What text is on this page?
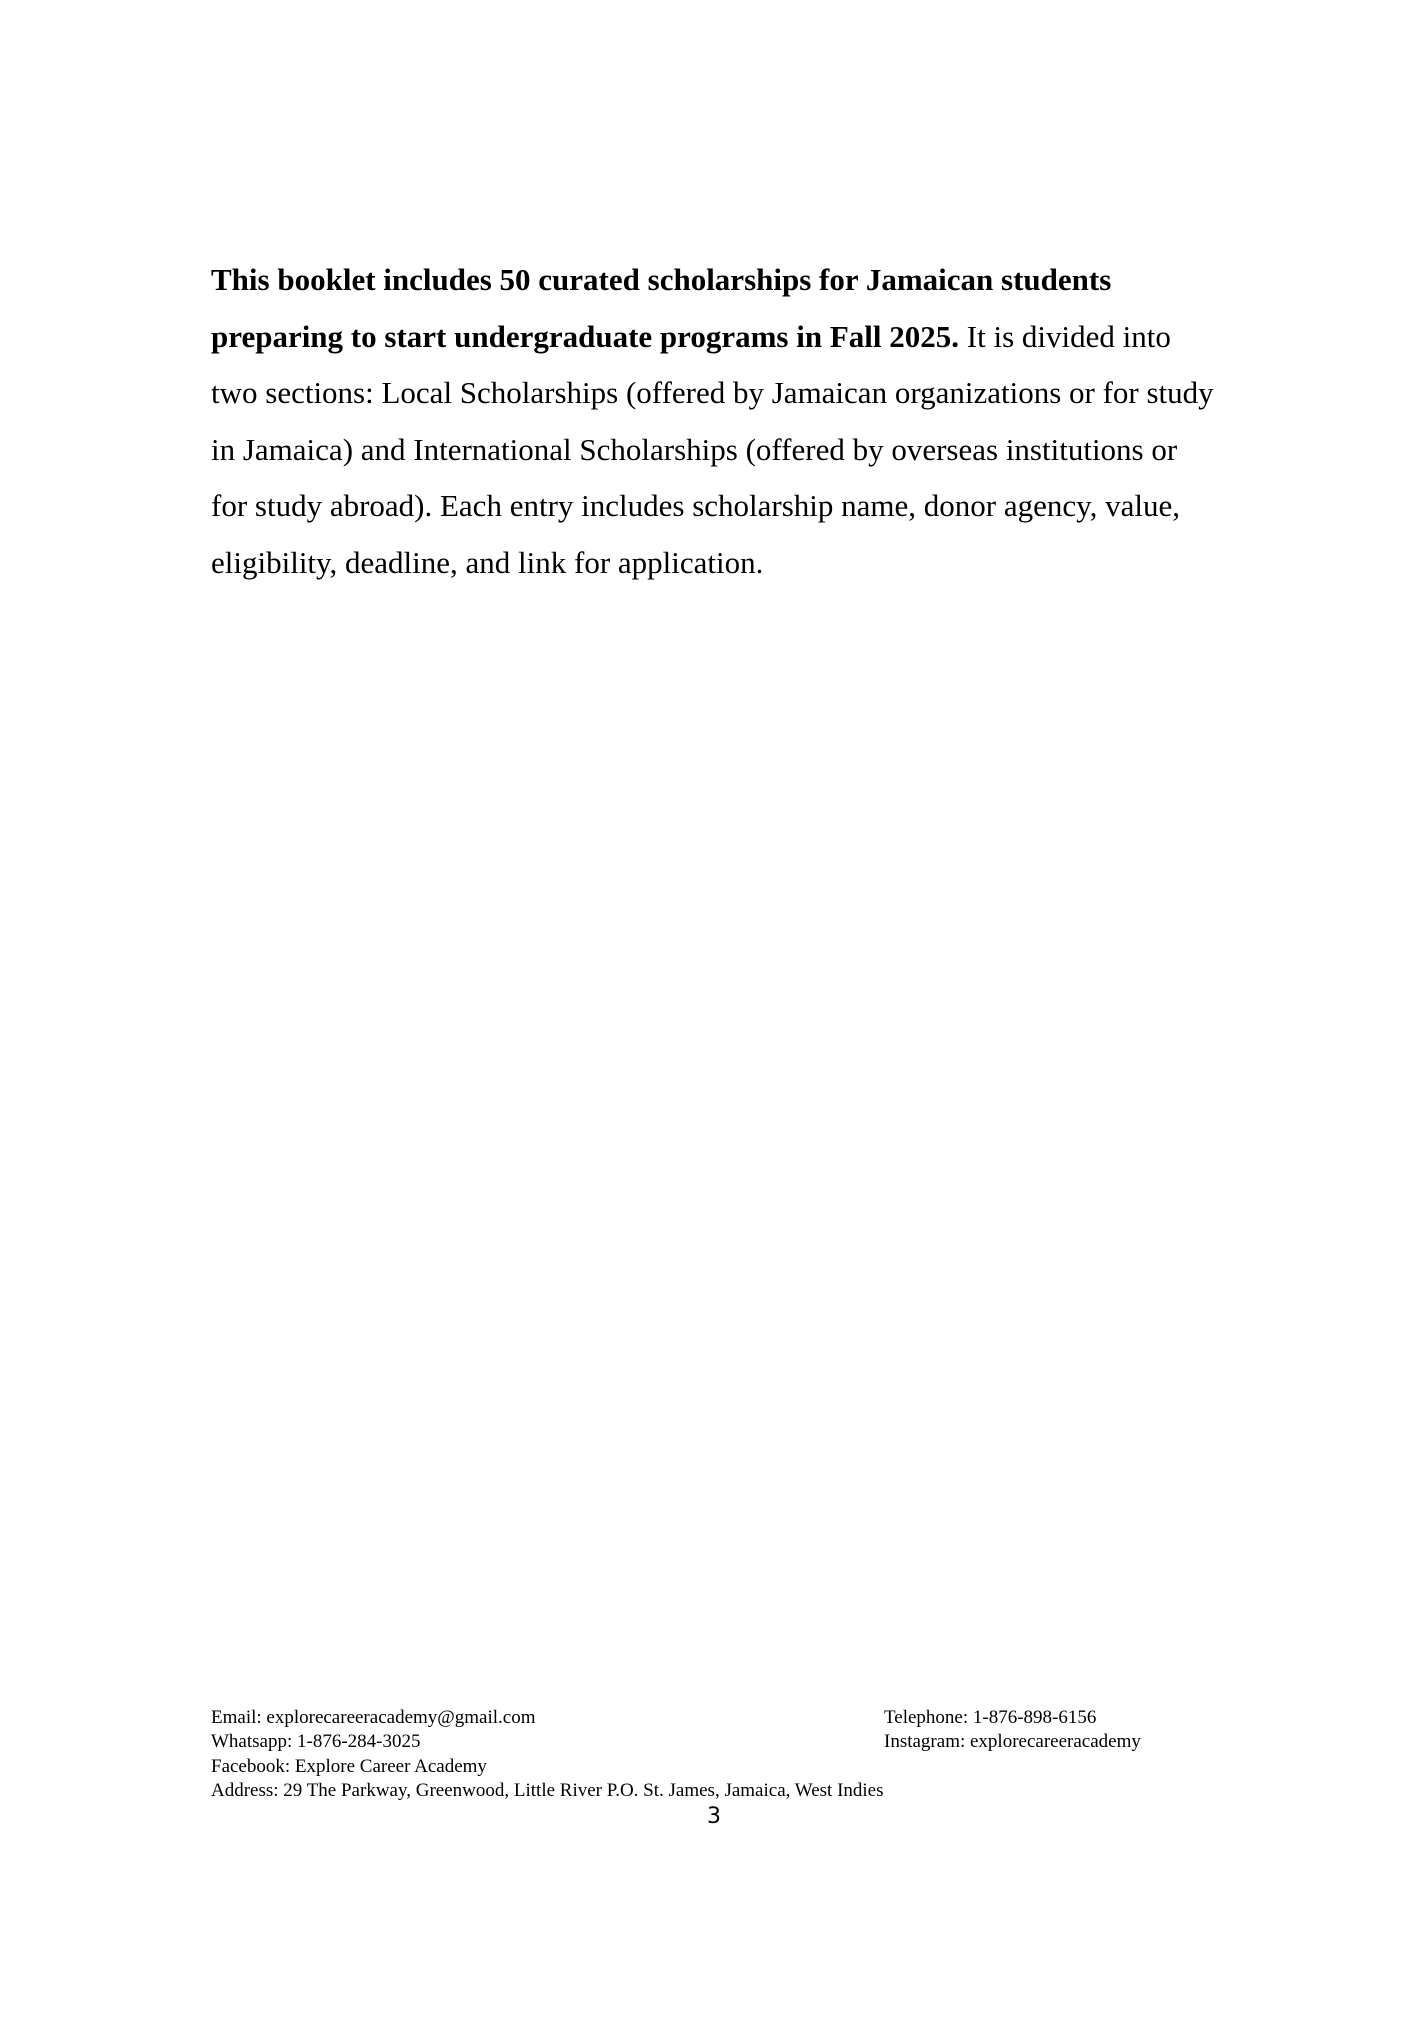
This booklet includes 50 curated scholarships for Jamaican students preparing to start undergraduate programs in Fall 2025. It is divided into two sections: Local Scholarships (offered by Jamaican organizations or for study in Jamaica) and International Scholarships (offered by overseas institutions or for study abroad). Each entry includes scholarship name, donor agency, value, eligibility, deadline, and link for application.

Email: explorecareeracademy@gmail.com	Telephone: 1-876-898-6156
Whatsapp: 1-876-284-3025	Instagram: explorecareeracademy
Facebook: Explore Career Academy
Address: 29 The Parkway, Greenwood, Little River P.O. St. James, Jamaica, West Indies
3
